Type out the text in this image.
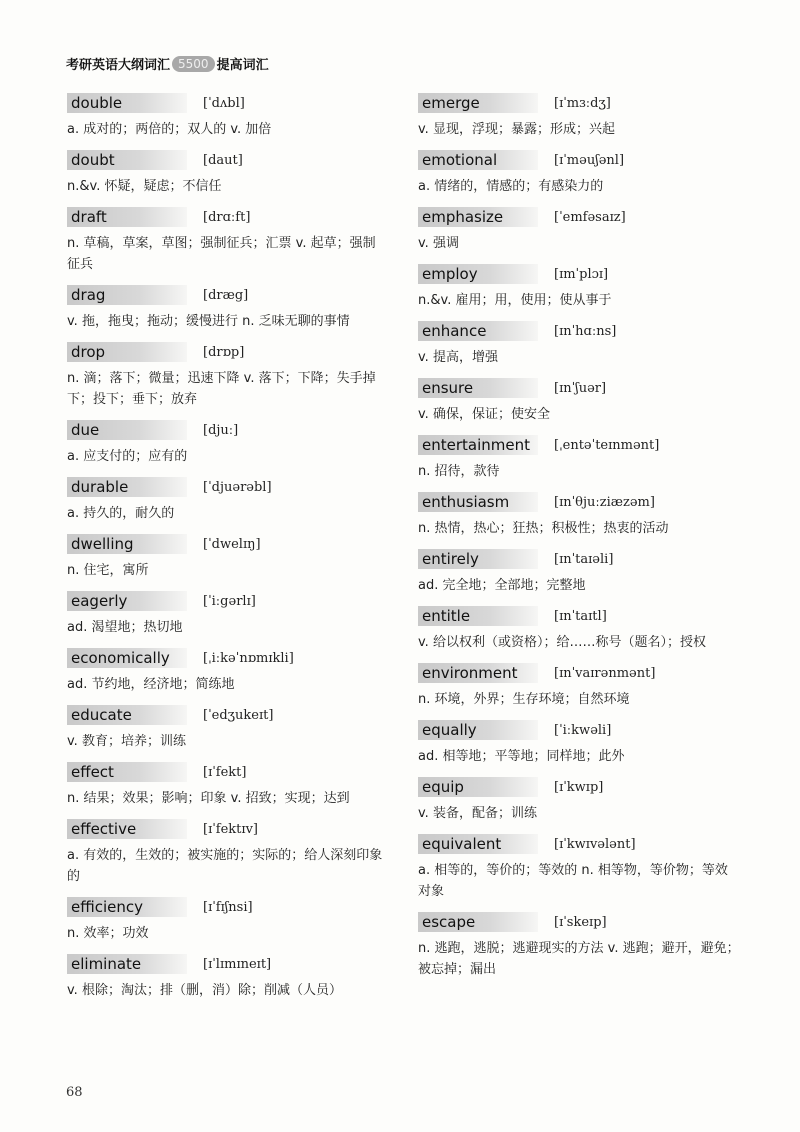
考研英语大纲词汇 5500 提高词汇
double	[ˈdʌbl]
a. 成对的；两倍的；双人的 v. 加倍
doubt	[daut]
n.&v. 怀疑，疑虑；不信任
draft	[drɑːft]
n. 草稿，草案，草图；强制征兵；汇票 v. 起草；强制征兵
drag	[dræg]
v. 拖，拖曳；拖动；缓慢进行 n. 乏味无聊的事情
drop	[drɒp]
n. 滴；落下；微量；迅速下降 v. 落下；下降；失手掉下；投下；垂下；放弃
due	[djuː]
a. 应支付的；应有的
durable	[ˈdjuərəbl]
a. 持久的，耐久的
dwelling	[ˈdwelɪŋ]
n. 住宅，寓所
eagerly	[ˈiːgərlɪ]
ad. 渴望地；热切地
economically	[ˌiːkəˈnɒmɪkli]
ad. 节约地，经济地；简练地
educate	[ˈedʒukeɪt]
v. 教育；培养；训练
effect	[ɪˈfekt]
n. 结果；效果；影响；印象 v. 招致；实现；达到
effective	[ɪˈfektɪv]
a. 有效的，生效的；被实施的；实际的；给人深刻印象的
efficiency	[ɪˈfɪʃnsi]
n. 效率；功效
eliminate	[ɪˈlɪmɪneɪt]
v. 根除；淘汰；排（删，消）除；削减（人员）
emerge	[ɪˈmɜːdʒ]
v. 显现，浮现；暴露；形成；兴起
emotional	[ɪˈməuʃənl]
a. 情绪的，情感的；有感染力的
emphasize	[ˈemfəsaɪz]
v. 强调
employ	[ɪmˈplɔɪ]
n.&v. 雇用；用，使用；使从事于
enhance	[ɪnˈhɑːns]
v. 提高，增强
ensure	[ɪnˈʃuər]
v. 确保，保证；使安全
entertainment	[ˌentəˈteɪnmənt]
n. 招待，款待
enthusiasm	[ɪnˈθjuːziæzəm]
n. 热情，热心；狂热；积极性；热衷的活动
entirely	[ɪnˈtaɪəli]
ad. 完全地；全部地；完整地
entitle	[ɪnˈtaɪtl]
v. 给以权利（或资格）；给……称号（题名）；授权
environment	[ɪnˈvaɪrənmənt]
n. 环境，外界；生存环境；自然环境
equally	[ˈiːkwəli]
ad. 相等地；平等地；同样地；此外
equip	[ɪˈkwɪp]
v. 装备，配备；训练
equivalent	[ɪˈkwɪvələnt]
a. 相等的，等价的；等效的 n. 相等物，等价物；等效对象
escape	[ɪˈskeɪp]
n. 逃跑，逃脱；逃避现实的方法 v. 逃跑；避开，避免；被忘掉；漏出
68
